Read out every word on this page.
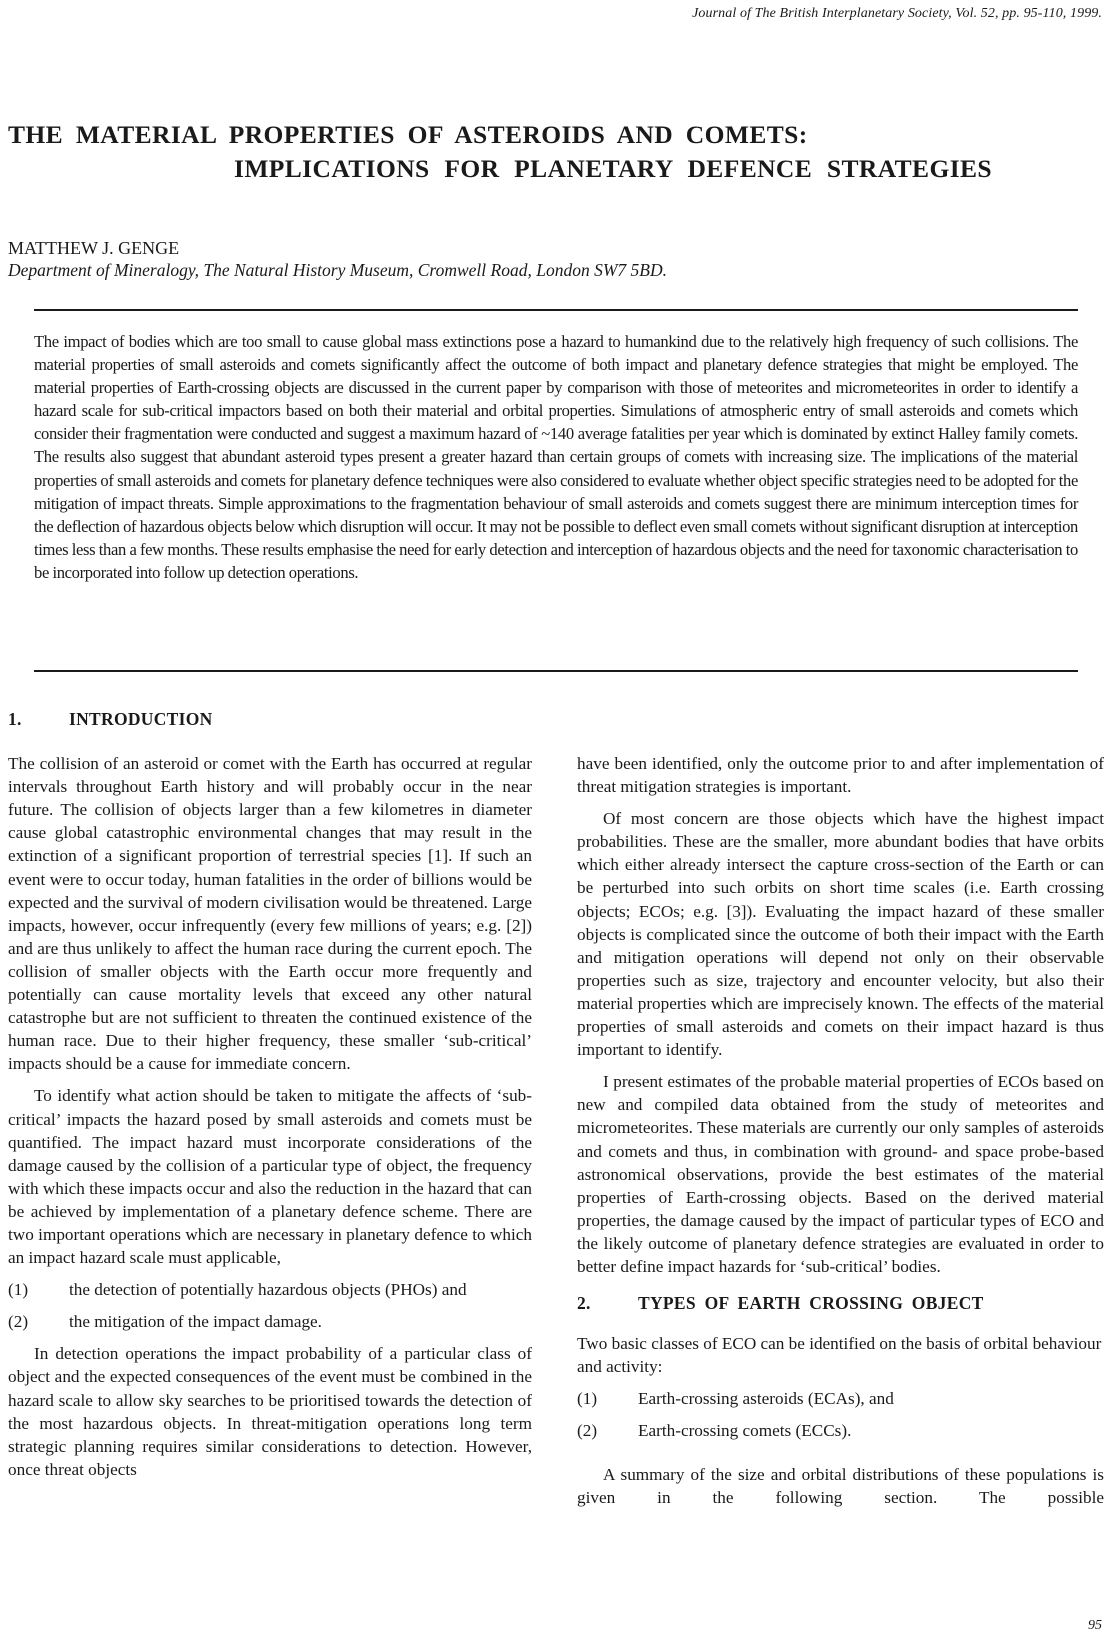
Journal of The British Interplanetary Society, Vol. 52, pp. 95-110, 1999.
THE MATERIAL PROPERTIES OF ASTEROIDS AND COMETS:
IMPLICATIONS FOR PLANETARY DEFENCE STRATEGIES
MATTHEW J. GENGE
Department of Mineralogy, The Natural History Museum, Cromwell Road, London SW7 5BD.
The impact of bodies which are too small to cause global mass extinctions pose a hazard to humankind due to the relatively high frequency of such collisions. The material properties of small asteroids and comets significantly affect the outcome of both impact and planetary defence strategies that might be employed. The material properties of Earth-crossing objects are discussed in the current paper by comparison with those of meteorites and micrometeorites in order to identify a hazard scale for sub-critical impactors based on both their material and orbital properties. Simulations of atmospheric entry of small asteroids and comets which consider their fragmentation were conducted and suggest a maximum hazard of ~140 average fatalities per year which is dominated by extinct Halley family comets. The results also suggest that abundant asteroid types present a greater hazard than certain groups of comets with increasing size. The implications of the material properties of small asteroids and comets for planetary defence techniques were also considered to evaluate whether object specific strategies need to be adopted for the mitigation of impact threats. Simple approximations to the fragmentation behaviour of small asteroids and comets suggest there are minimum interception times for the deflection of hazardous objects below which disruption will occur. It may not be possible to deflect even small comets without significant disruption at interception times less than a few months. These results emphasise the need for early detection and interception of hazardous objects and the need for taxonomic characterisation to be incorporated into follow up detection operations.
1.	INTRODUCTION

The collision of an asteroid or comet with the Earth has occurred at regular intervals throughout Earth history and will probably occur in the near future. The collision of objects larger than a few kilometres in diameter cause global catastrophic environmental changes that may result in the extinction of a significant proportion of terrestrial species [1]. If such an event were to occur today, human fatalities in the order of billions would be expected and the survival of modern civilisation would be threatened. Large impacts, however, occur infrequently (every few millions of years; e.g. [2]) and are thus unlikely to affect the human race during the current epoch. The collision of smaller objects with the Earth occur more frequently and potentially can cause mortality levels that exceed any other natural catastrophe but are not sufficient to threaten the continued existence of the human race. Due to their higher frequency, these smaller ‘sub-critical’ impacts should be a cause for immediate concern.

To identify what action should be taken to mitigate the affects of ‘sub-critical’ impacts the hazard posed by small asteroids and comets must be quantified. The impact hazard must incorporate considerations of the damage caused by the collision of a particular type of object, the frequency with which these impacts occur and also the reduction in the hazard that can be achieved by implementation of a planetary defence scheme. There are two important operations which are necessary in planetary defence to which an impact hazard scale must applicable,

(1)	the detection of potentially hazardous objects (PHOs) and
(2)	the mitigation of the impact damage.

In detection operations the impact probability of a particular class of object and the expected consequences of the event must be combined in the hazard scale to allow sky searches to be prioritised towards the detection of the most hazardous objects. In threat-mitigation operations long term strategic planning requires similar considerations to detection. However, once threat objects

have been identified, only the outcome prior to and after implementation of threat mitigation strategies is important.

Of most concern are those objects which have the highest impact probabilities. These are the smaller, more abundant bodies that have orbits which either already intersect the capture cross-section of the Earth or can be perturbed into such orbits on short time scales (i.e. Earth crossing objects; ECOs; e.g. [3]). Evaluating the impact hazard of these smaller objects is complicated since the outcome of both their impact with the Earth and mitigation operations will depend not only on their observable properties such as size, trajectory and encounter velocity, but also their material properties which are imprecisely known. The effects of the material properties of small asteroids and comets on their impact hazard is thus important to identify.

I present estimates of the probable material properties of ECOs based on new and compiled data obtained from the study of meteorites and micrometeorites. These materials are currently our only samples of asteroids and comets and thus, in combination with ground- and space probe-based astronomical observations, provide the best estimates of the material properties of Earth-crossing objects. Based on the derived material properties, the damage caused by the impact of particular types of ECO and the likely outcome of planetary defence strategies are evaluated in order to better define impact hazards for ‘sub-critical’ bodies.

2.	TYPES OF EARTH CROSSING OBJECT

Two basic classes of ECO can be identified on the basis of orbital behaviour and activity:

(1)	Earth-crossing asteroids (ECAs), and
(2)	Earth-crossing comets (ECCs).

A summary of the size and orbital distributions of these populations is given in the following section. The possible

95
